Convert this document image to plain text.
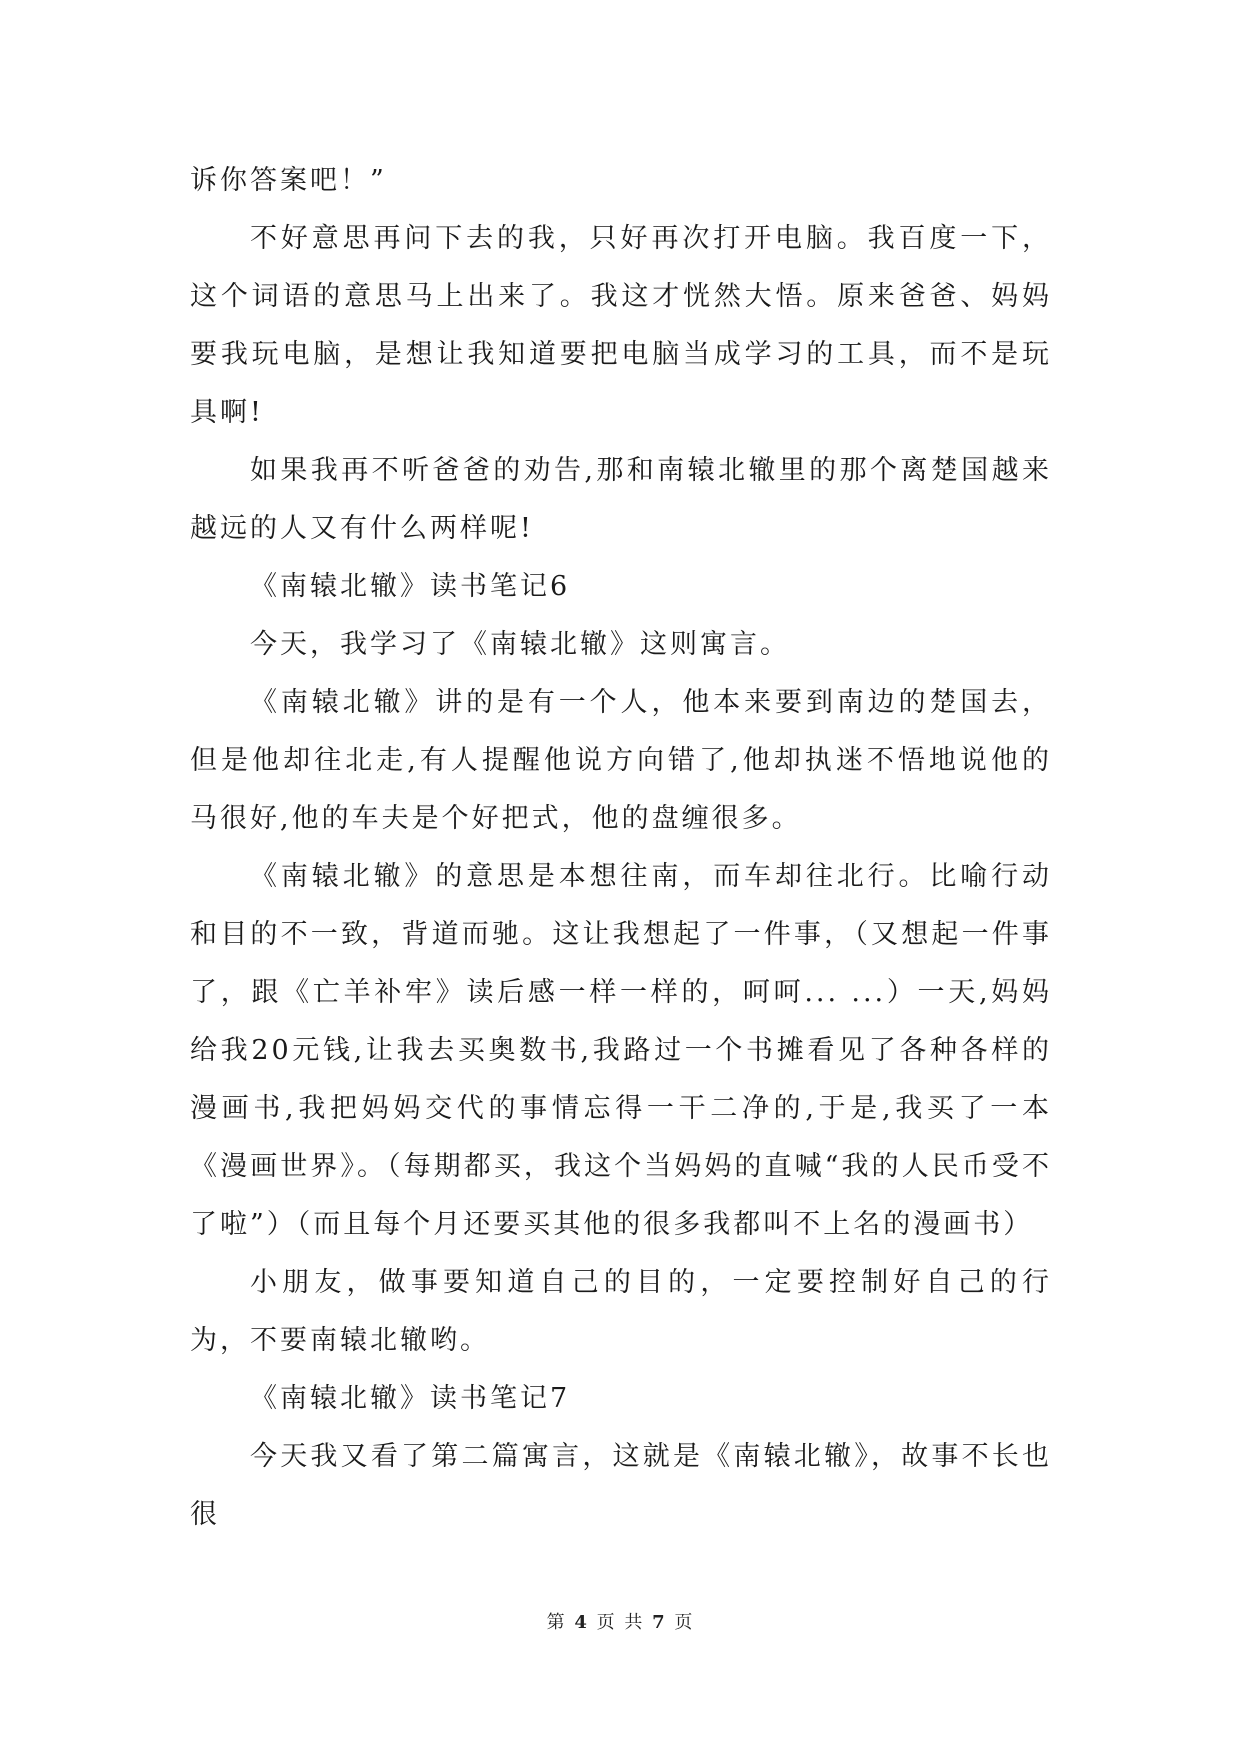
诉你答案吧！”

不好意思再问下去的我，只好再次打开电脑。我百度一下，这个词语的意思马上出来了。我这才恍然大悟。原来爸爸、妈妈要我玩电脑，是想让我知道要把电脑当成学习的工具，而不是玩具啊!

如果我再不听爸爸的劝告,那和南辕北辙里的那个离楚国越来越远的人又有什么两样呢!

《南辕北辙》读书笔记6

今天，我学习了《南辕北辙》这则寓言。

《南辕北辙》讲的是有一个人，他本来要到南边的楚国去，但是他却往北走,有人提醒他说方向错了,他却执迷不悟地说他的马很好,他的车夫是个好把式，他的盘缠很多。

《南辕北辙》的意思是本想往南，而车却往北行。比喻行动和目的不一致，背道而驰。这让我想起了一件事，（又想起一件事了，跟《亡羊补牢》读后感一样一样的，呵呵... ...）一天,妈妈给我20元钱,让我去买奥数书,我路过一个书摊看见了各种各样的漫画书,我把妈妈交代的事情忘得一干二净的,于是,我买了一本《漫画世界》。（每期都买，我这个当妈妈的直喊“我的人民币受不了啦”）（而且每个月还要买其他的很多我都叫不上名的漫画书）

小朋友，做事要知道自己的目的，一定要控制好自己的行为，不要南辕北辙哟。

《南辕北辙》读书笔记7

今天我又看了第二篇寓言，这就是《南辕北辙》，故事不长也很

第 4 页 共 7 页
